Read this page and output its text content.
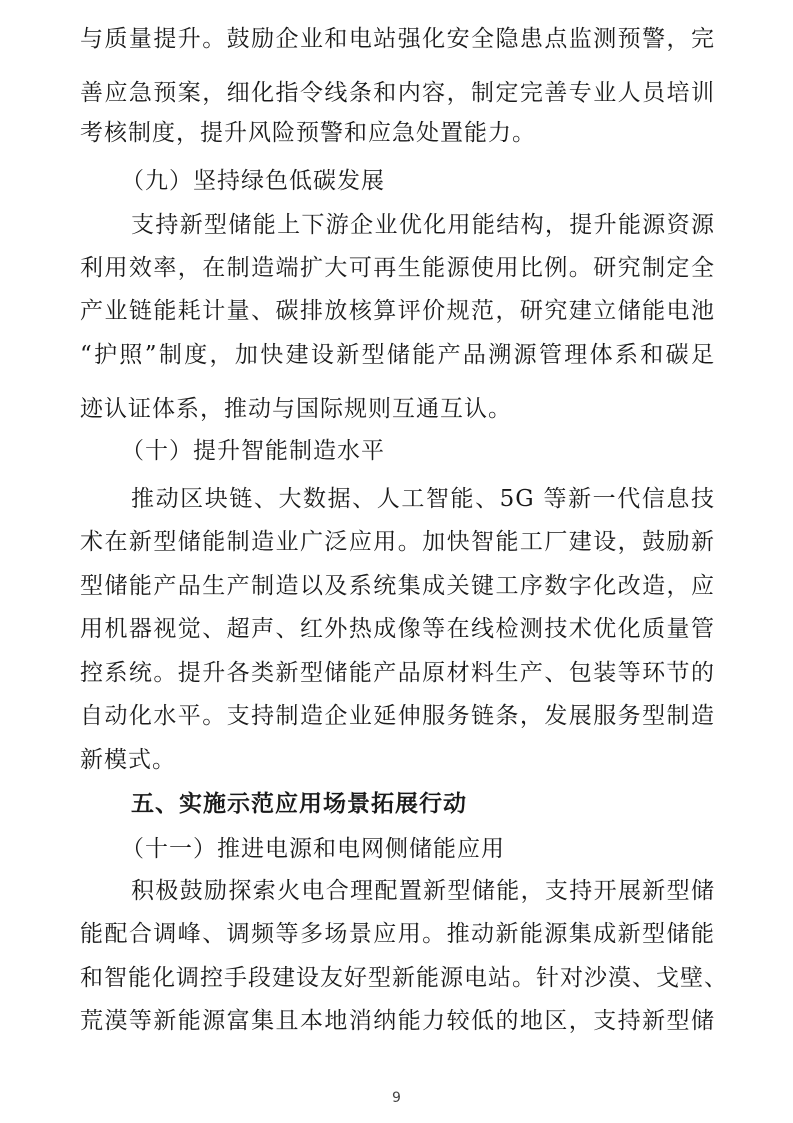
与质量提升。鼓励企业和电站强化安全隐患点监测预警，完

善应急预案，细化指令线条和内容，制定完善专业人员培训

考核制度，提升风险预警和应急处置能力。

（九）坚持绿色低碳发展

支持新型储能上下游企业优化用能结构，提升能源资源

利用效率，在制造端扩大可再生能源使用比例。研究制定全

产业链能耗计量、碳排放核算评价规范，研究建立储能电池

“护照”制度，加快建设新型储能产品溯源管理体系和碳足

迹认证体系，推动与国际规则互通互认。

（十）提升智能制造水平

推动区块链、大数据、人工智能、5G 等新一代信息技

术在新型储能制造业广泛应用。加快智能工厂建设，鼓励新

型储能产品生产制造以及系统集成关键工序数字化改造，应

用机器视觉、超声、红外热成像等在线检测技术优化质量管

控系统。提升各类新型储能产品原材料生产、包装等环节的

自动化水平。支持制造企业延伸服务链条，发展服务型制造

新模式。

五、实施示范应用场景拓展行动
（十一）推进电源和电网侧储能应用

积极鼓励探索火电合理配置新型储能，支持开展新型储

能配合调峰、调频等多场景应用。推动新能源集成新型储能

和智能化调控手段建设友好型新能源电站。针对沙漠、戈壁、

荒漠等新能源富集且本地消纳能力较低的地区，支持新型储

9
